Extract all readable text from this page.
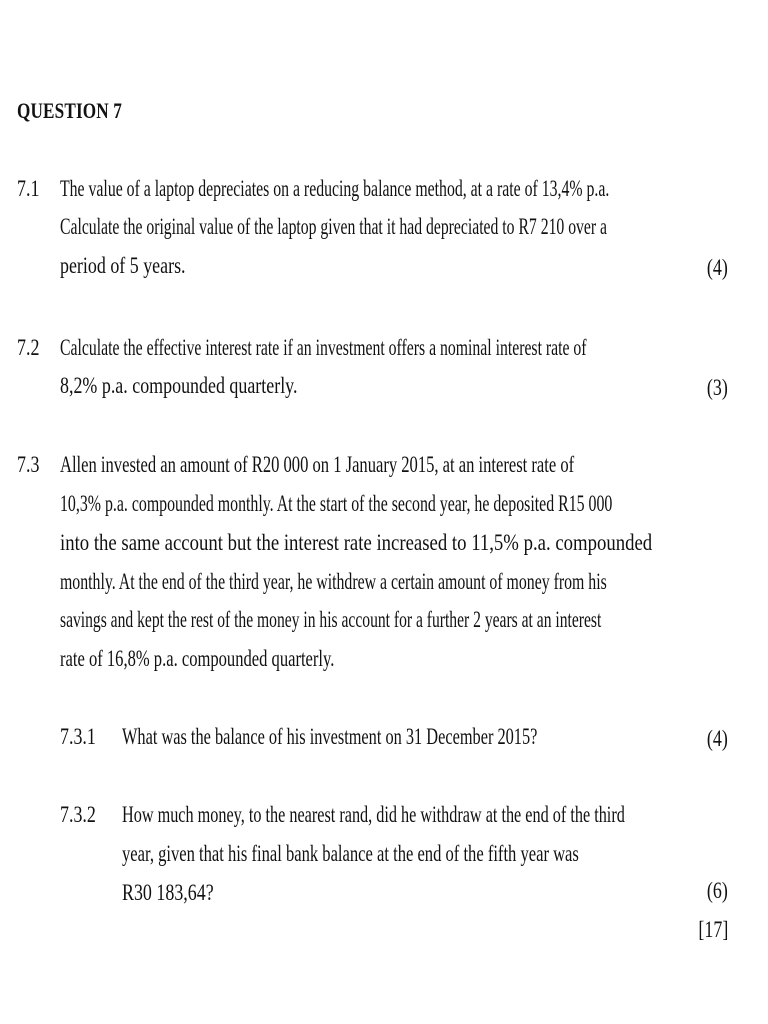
QUESTION 7
7.1 The value of a laptop depreciates on a reducing balance method, at a rate of 13,4% p.a.
Calculate the original value of the laptop given that it had depreciated to R7 210 over a
period of 5 years.	(4)
7.2 Calculate the effective interest rate if an investment offers a nominal interest rate of
8,2% p.a. compounded quarterly.	(3)
7.3 Allen invested an amount of R20 000 on 1 January 2015, at an interest rate of
10,3% p.a. compounded monthly. At the start of the second year, he deposited R15 000
into the same account but the interest rate increased to 11,5% p.a. compounded
monthly. At the end of the third year, he withdrew a certain amount of money from his
savings and kept the rest of the money in his account for a further 2 years at an interest
rate of 16,8% p.a. compounded quarterly.
7.3.1 What was the balance of his investment on 31 December 2015?	(4)
7.3.2 How much money, to the nearest rand, did he withdraw at the end of the third
year, given that his final bank balance at the end of the fifth year was
R30 183,64?	(6)
[17]
